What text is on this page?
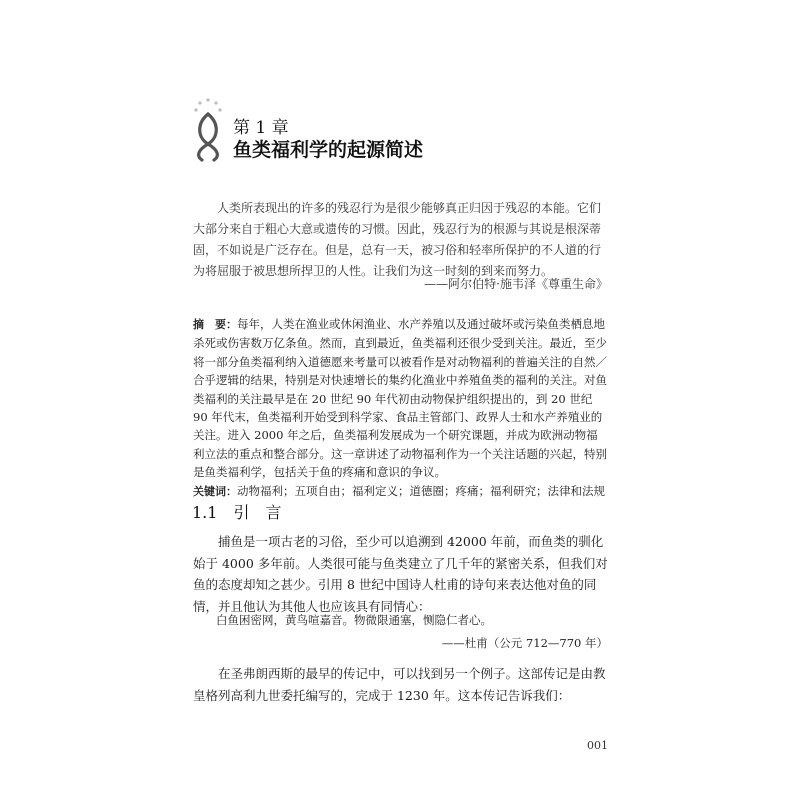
第 1 章
鱼类福利学的起源简述

人类所表现出的许多的残忍行为是很少能够真正归因于残忍的本能。它们大部分来自于粗心大意或遗传的习惯。因此，残忍行为的根源与其说是根深蒂固，不如说是广泛存在。但是，总有一天，被习俗和轻率所保护的不人道的行为将屈服于被思想所捍卫的人性。让我们为这一时刻的到来而努力。

——阿尔伯特·施韦泽《尊重生命》

摘　要：每年，人类在渔业或休闲渔业、水产养殖以及通过破坏或污染鱼类栖息地杀死或伤害数万亿条鱼。然而，直到最近，鱼类福利还很少受到关注。最近，至少将一部分鱼类福利纳入道德愿来考量可以被看作是对动物福利的普遍关注的自然／合乎逻辑的结果，特别是对快速增长的集约化渔业中养殖鱼类的福利的关注。对鱼类福利的关注最早是在 20 世纪 90 年代初由动物保护组织提出的，到 20 世纪 90 年代末，鱼类福利开始受到科学家、食品主管部门、政界人士和水产养殖业的关注。进入 2000 年之后，鱼类福利发展成为一个研究课题，并成为欧洲动物福利立法的重点和整合部分。这一章讲述了动物福利作为一个关注话题的兴起，特别是鱼类福利学，包括关于鱼的疼痛和意识的争议。

关键词：动物福利；五项自由；福利定义；道德圈；疼痛；福利研究；法律和法规

1.1 引　言

捕鱼是一项古老的习俗，至少可以追溯到 42000 年前，而鱼类的驯化始于 4000 多年前。人类很可能与鱼类建立了几千年的紧密关系，但我们对鱼的态度却知之甚少。引用 8 世纪中国诗人杜甫的诗句来表达他对鱼的同情，并且他认为其他人也应该具有同情心：

白鱼困密网，黄鸟喧嘉音。物微限通塞，恻隐仁者心。
——杜甫（公元 712—770 年）

在圣弗朗西斯的最早的传记中，可以找到另一个例子。这部传记是由教皇格列高利九世委托编写的，完成于 1230 年。这本传记告诉我们：

001
